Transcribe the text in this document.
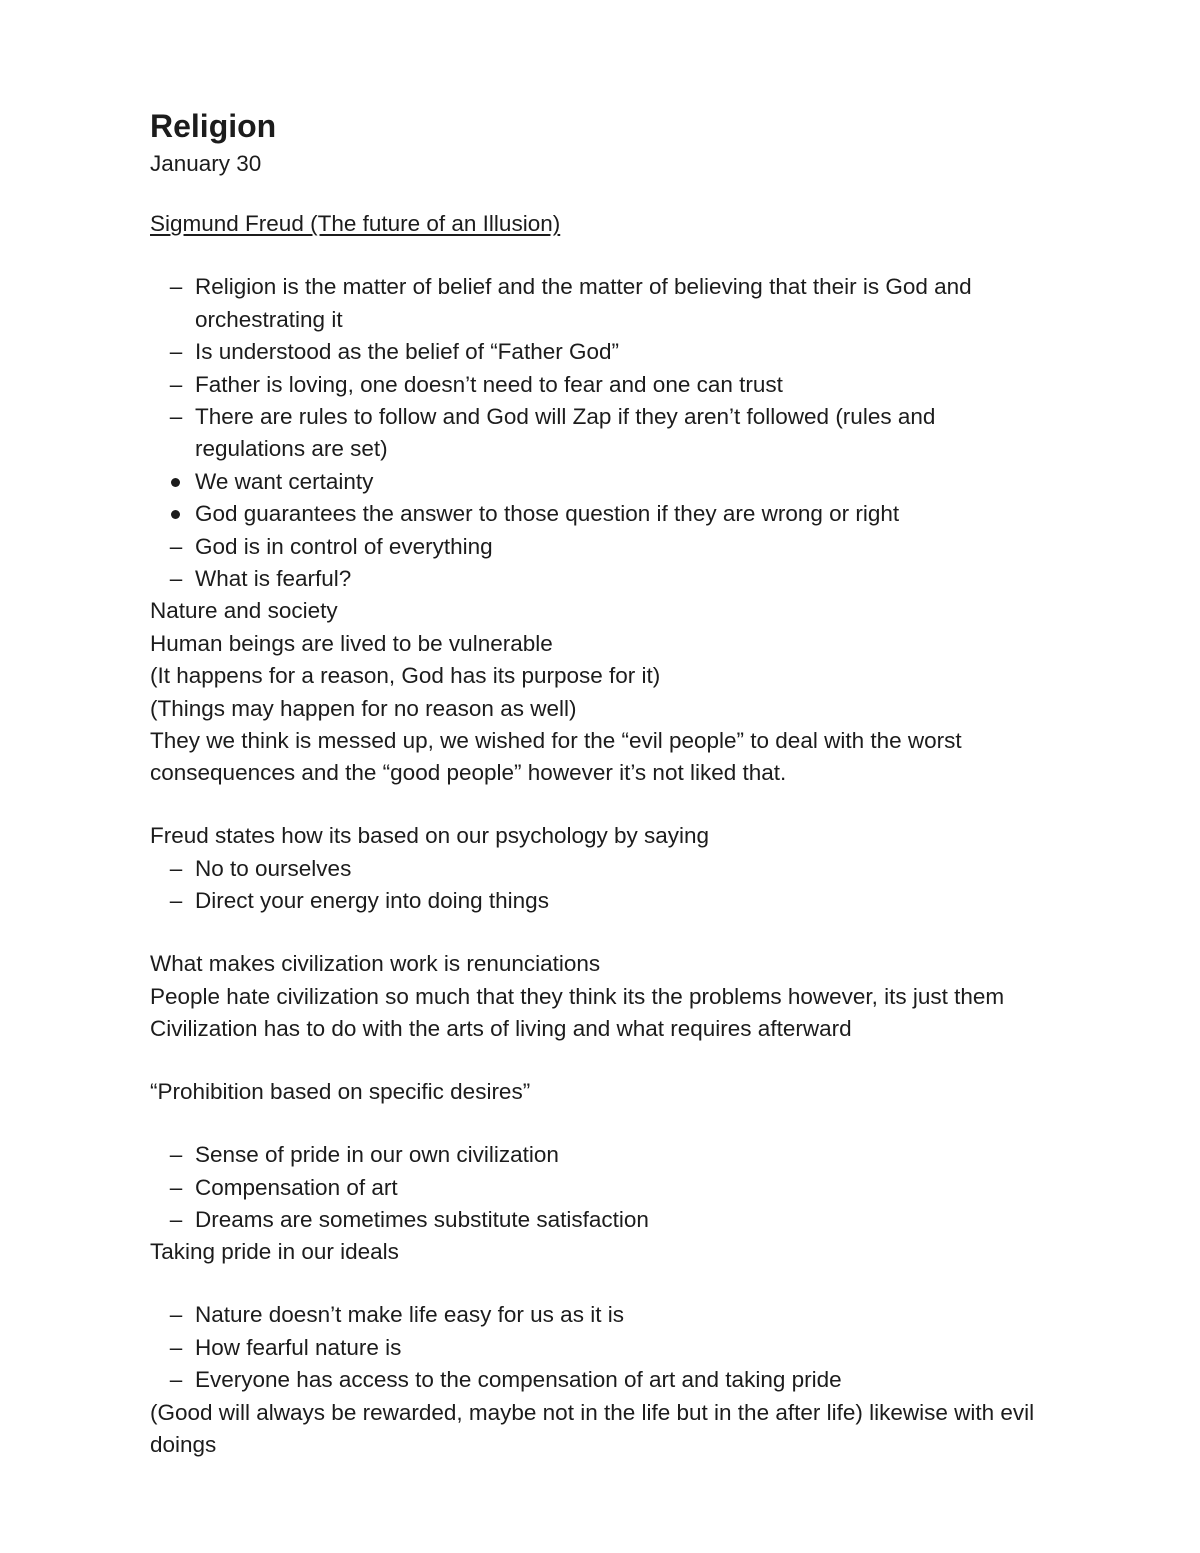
Religion
January 30
Sigmund Freud (The future of an Illusion)
– Religion is the matter of belief and the matter of believing that their is God and orchestrating it
– Is understood as the belief of “Father God”
– Father is loving, one doesn’t need to fear and one can trust
– There are rules to follow and God will Zap if they aren’t followed (rules and regulations are set)
We want certainty
God guarantees the answer to those question if they are wrong or right
– God is in control of everything
– What is fearful?

Nature and society

Human beings are lived to be vulnerable

(It happens for a reason, God has its purpose for it)

(Things may happen for no reason as well)

They we think is messed up, we wished for the “evil people” to deal with the worst consequences and the “good people” however it’s not liked that.

Freud states how its based on our psychology by saying

– No to ourselves
– Direct your energy into doing things

What makes civilization work is renunciations

People hate civilization so much that they think its the problems however, its just them

Civilization has to do with the arts of living and what requires afterward

“Prohibition based on specific desires”

– Sense of pride in our own civilization
– Compensation of art
– Dreams are sometimes substitute satisfaction

Taking pride in our ideals

– Nature doesn’t make life easy for us as it is
– How fearful nature is
– Everyone has access to the compensation of art and taking pride

(Good will always be rewarded, maybe not in the life but in the after life) likewise with evil doings
